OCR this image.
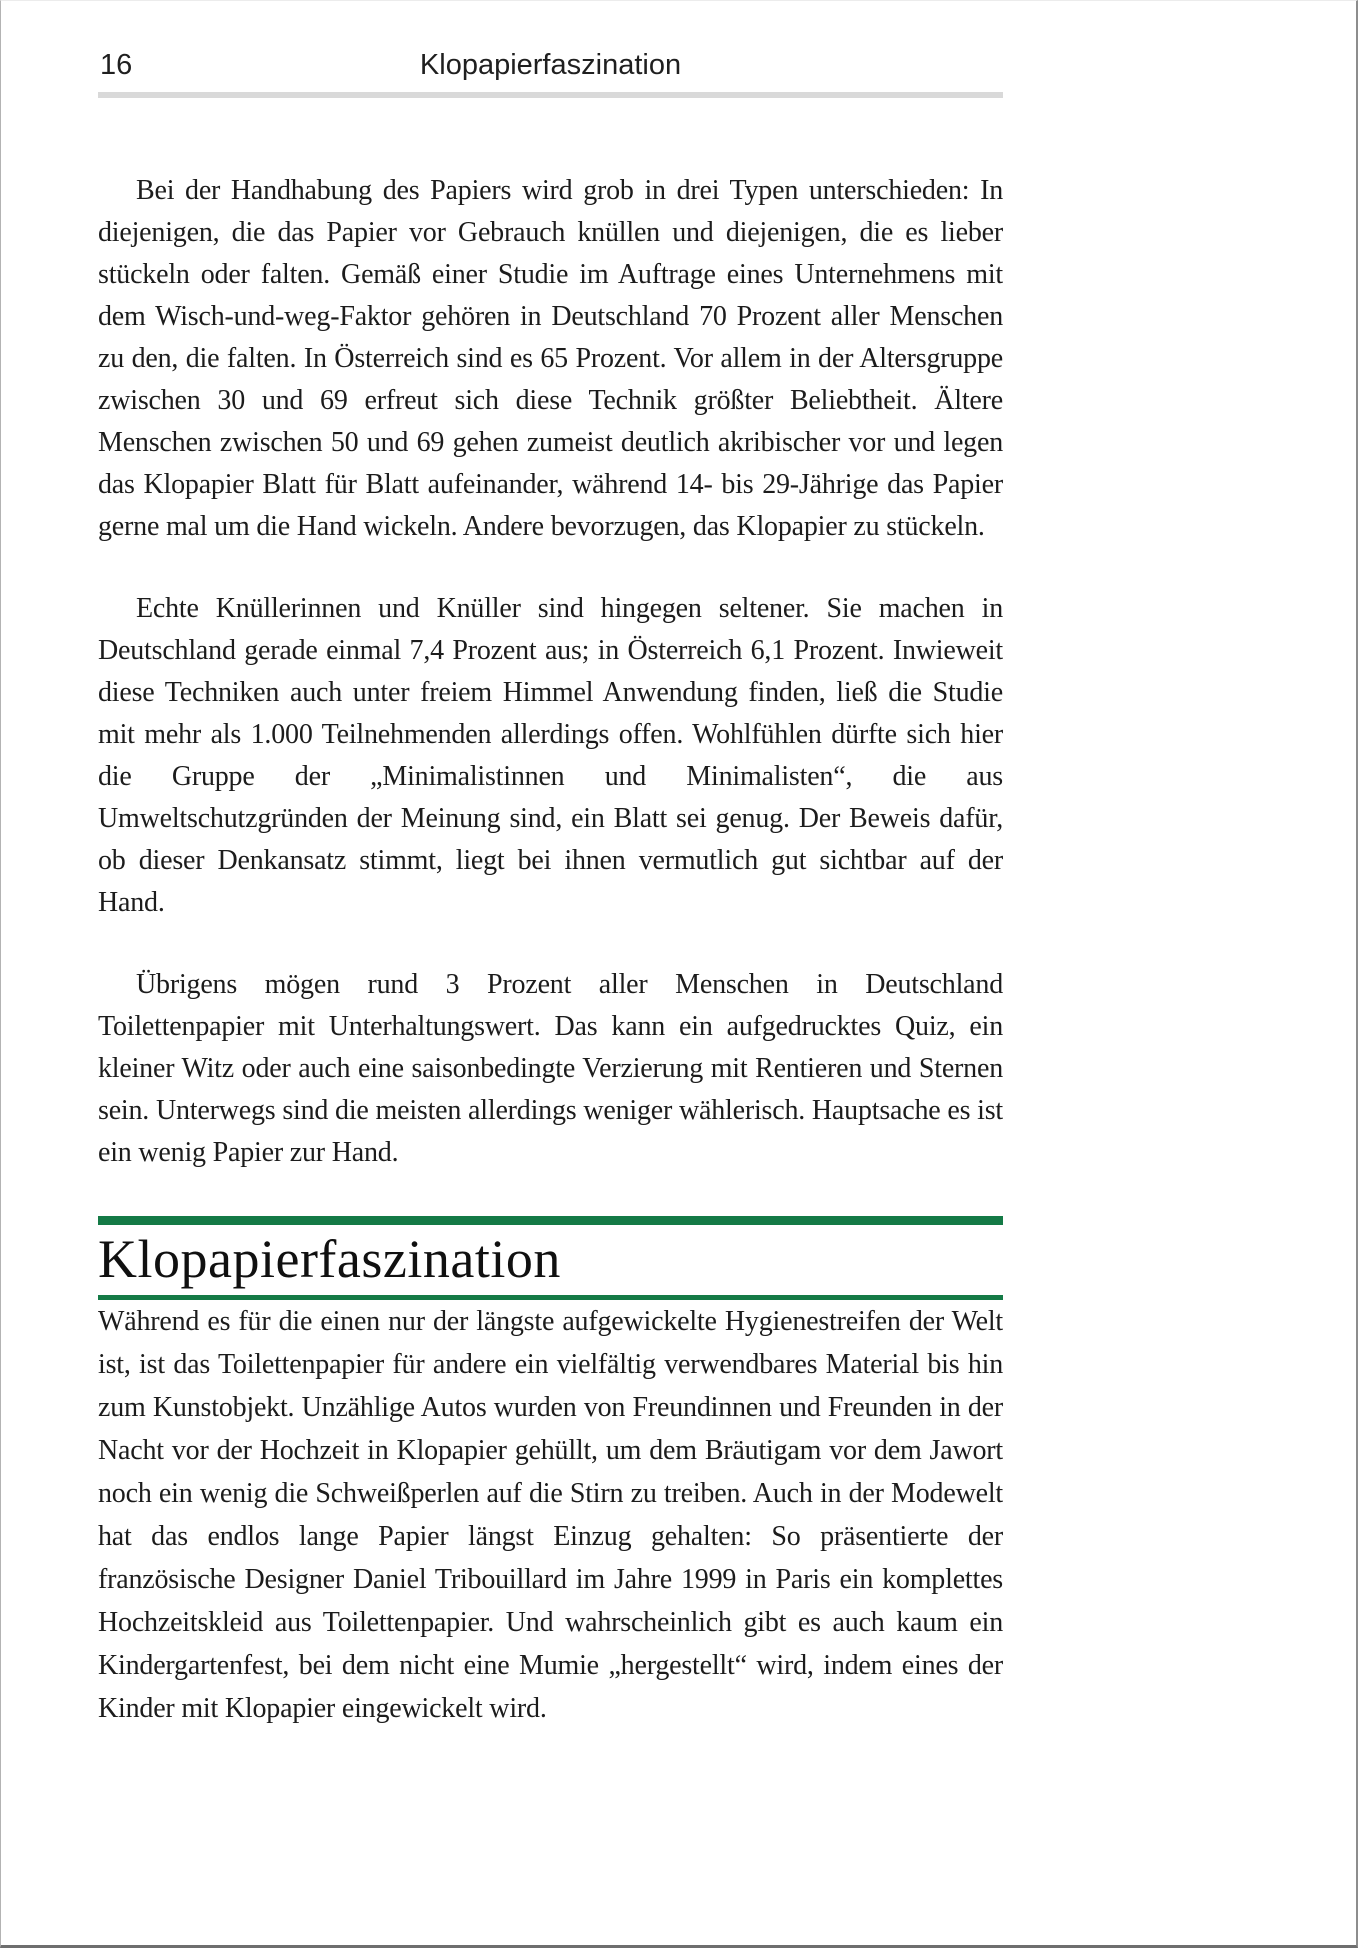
16	Klopapierfaszination

Bei der Handhabung des Papiers wird grob in drei Typen unterschieden: In diejenigen, die das Papier vor Gebrauch knüllen und diejenigen, die es lieber stückeln oder falten. Gemäß einer Studie im Auftrage eines Unternehmens mit dem Wisch-und-weg-Faktor gehören in Deutschland 70 Prozent aller Menschen zu den, die falten. In Österreich sind es 65 Prozent. Vor allem in der Altersgruppe zwischen 30 und 69 erfreut sich diese Technik größter Beliebtheit. Ältere Menschen zwischen 50 und 69 gehen zumeist deutlich akribischer vor und legen das Klopapier Blatt für Blatt aufeinander, während 14- bis 29-Jährige das Papier gerne mal um die Hand wickeln. Andere bevorzugen, das Klopapier zu stückeln.

Echte Knüllerinnen und Knüller sind hingegen seltener. Sie machen in Deutschland gerade einmal 7,4 Prozent aus; in Österreich 6,1 Prozent. Inwieweit diese Techniken auch unter freiem Himmel Anwendung finden, ließ die Studie mit mehr als 1.000 Teilnehmenden allerdings offen. Wohlfühlen dürfte sich hier die Gruppe der „Minimalistinnen und Minimalisten“, die aus Umweltschutzgründen der Meinung sind, ein Blatt sei genug. Der Beweis dafür, ob dieser Denkansatz stimmt, liegt bei ihnen vermutlich gut sichtbar auf der Hand.

Übrigens mögen rund 3 Prozent aller Menschen in Deutschland Toilettenpapier mit Unterhaltungswert. Das kann ein aufgedrucktes Quiz, ein kleiner Witz oder auch eine saisonbedingte Verzierung mit Rentieren und Sternen sein. Unterwegs sind die meisten allerdings weniger wählerisch. Hauptsache es ist ein wenig Papier zur Hand.

Klopapierfaszination

Während es für die einen nur der längste aufgewickelte Hygienestreifen der Welt ist, ist das Toilettenpapier für andere ein vielfältig verwendbares Material bis hin zum Kunstobjekt. Unzählige Autos wurden von Freundinnen und Freunden in der Nacht vor der Hochzeit in Klopapier gehüllt, um dem Bräutigam vor dem Jawort noch ein wenig die Schweißperlen auf die Stirn zu treiben. Auch in der Modewelt hat das endlos lange Papier längst Einzug gehalten: So präsentierte der französische Designer Daniel Tribouillard im Jahre 1999 in Paris ein komplettes Hochzeitskleid aus Toilettenpapier. Und wahrscheinlich gibt es auch kaum ein Kindergartenfest, bei dem nicht eine Mumie „hergestellt“ wird, indem eines der Kinder mit Klopapier eingewickelt wird.
